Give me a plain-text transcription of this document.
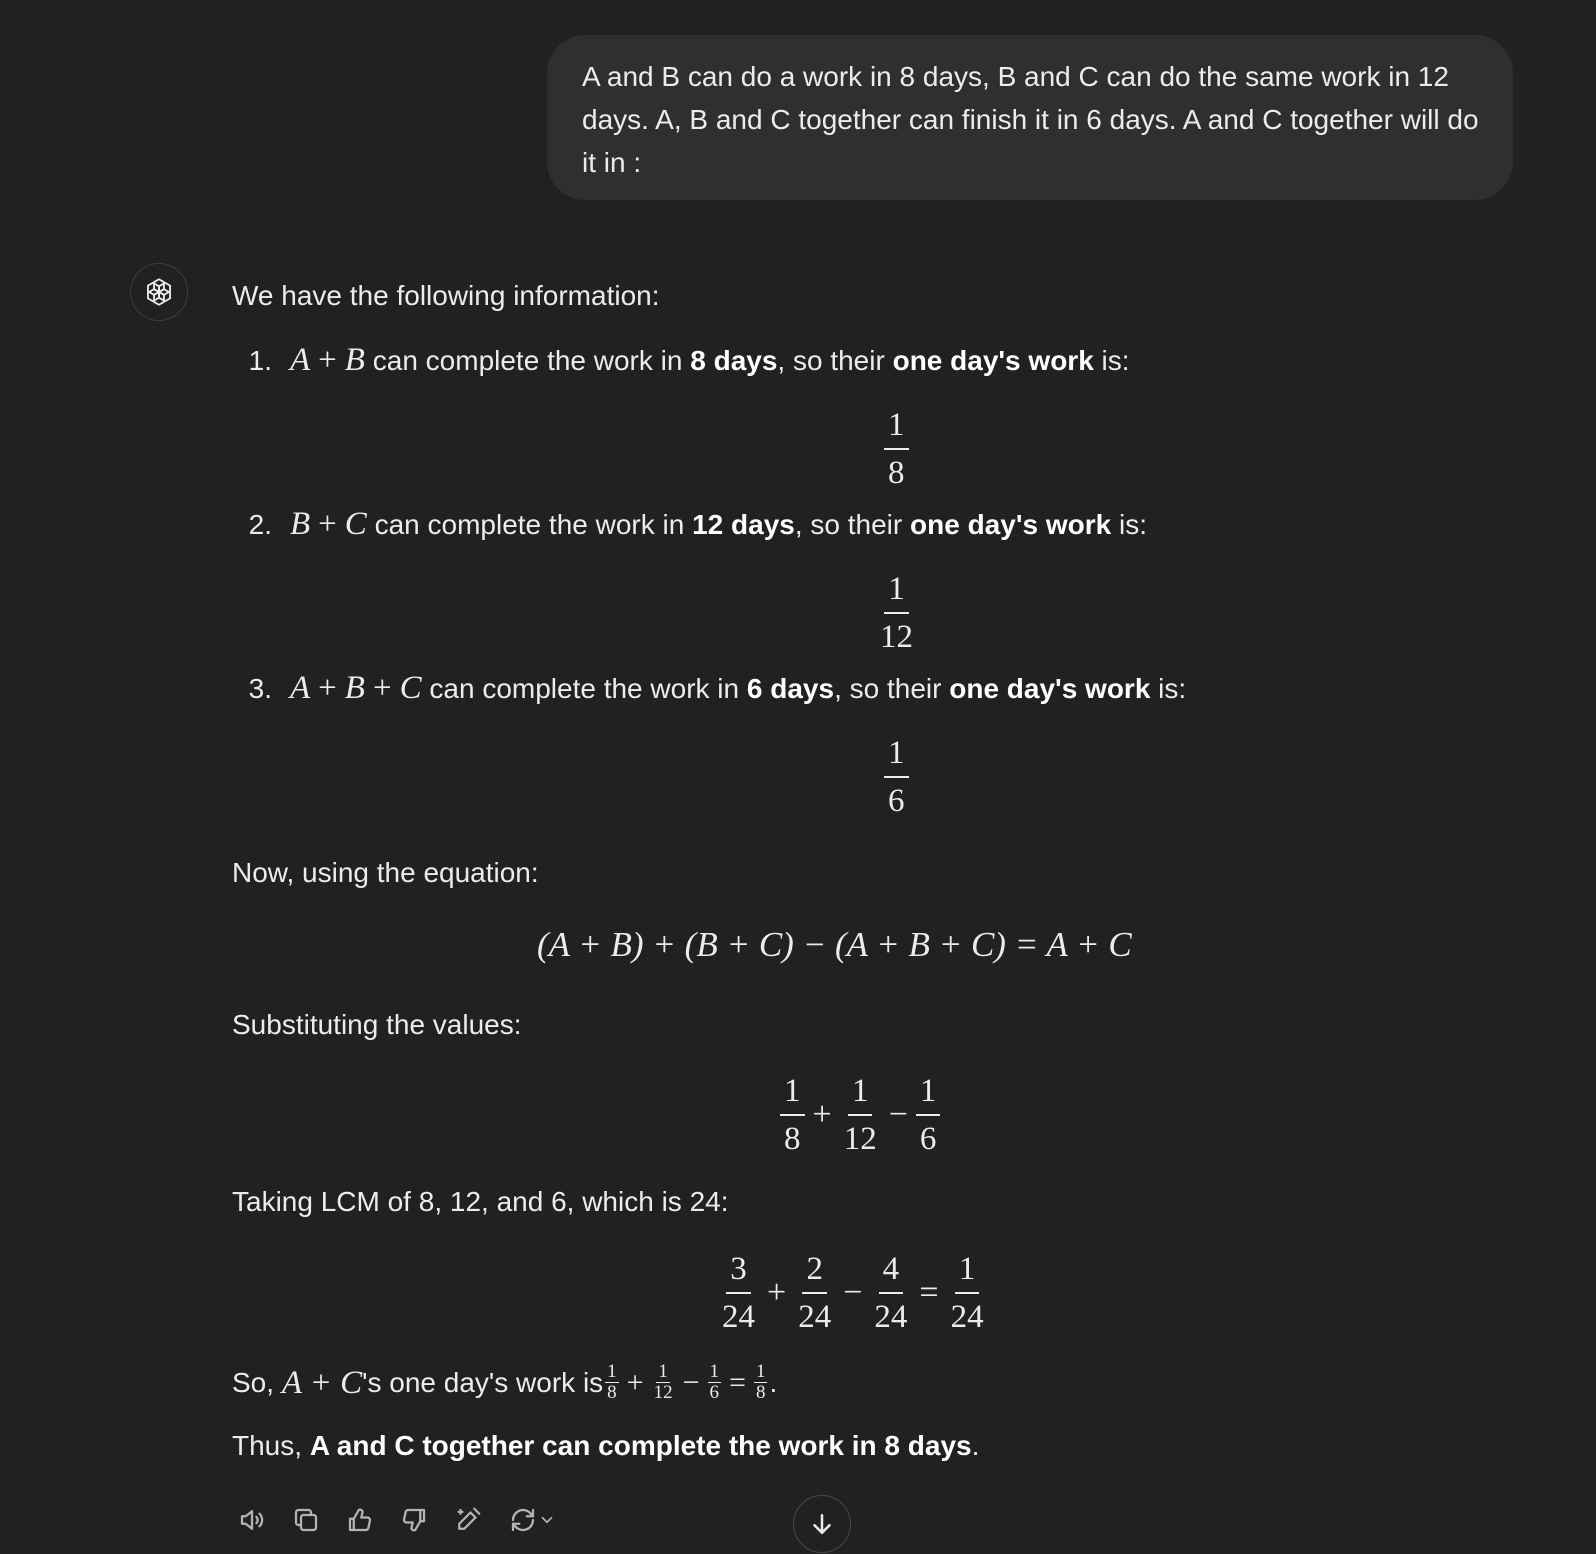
A and B can do a work in 8 days, B and C can do the same work in 12 days. A, B and C together can finish it in 6 days. A and C together will do it in :
We have the following information:
1. A + B can complete the work in 8 days, so their one day's work is:
$\frac{1}{8}$
2. B + C can complete the work in 12 days, so their one day's work is:
$\frac{1}{12}$
3. A + B + C can complete the work in 6 days, so their one day's work is:
$\frac{1}{6}$
Now, using the equation:
(A + B) + (B + C) − (A + B + C) = A + C
Substituting the values:
$\frac{1}{8} + \frac{1}{12} - \frac{1}{6}$
Taking LCM of 8, 12, and 6, which is 24:
$\frac{3}{24} + \frac{2}{24} - \frac{4}{24} = \frac{1}{24}$
So,
A + C 's one day's work is $\frac{1}{8} + \frac{1}{12} - \frac{1}{6} = \frac{1}{8}$ .
Thus, A and C together can complete the work in 8 days.
